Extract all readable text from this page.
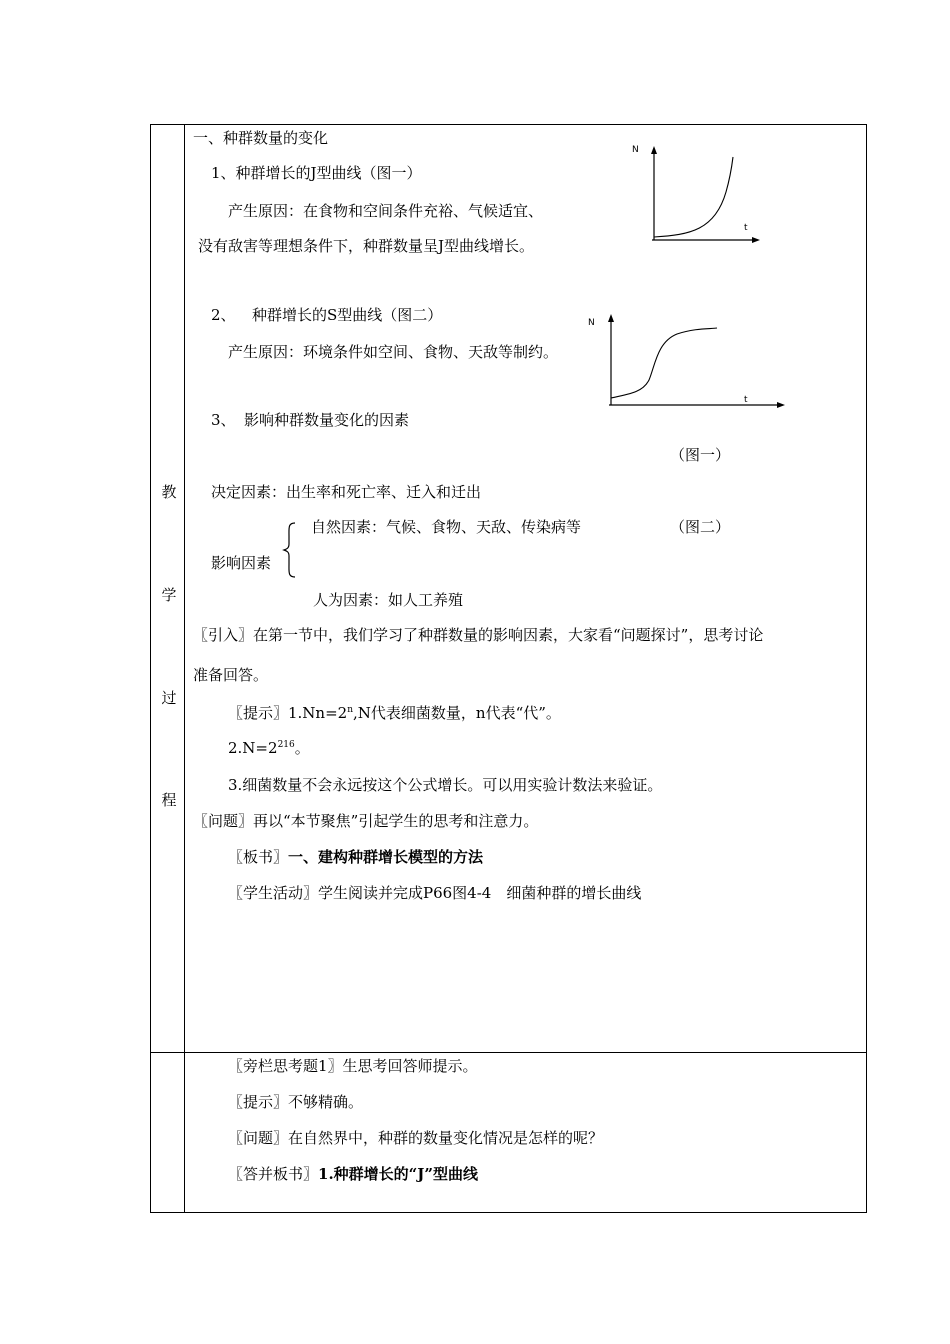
教
学
过
程
一、种群数量的变化
1、种群增长的J型曲线（图一）
产生原因：在食物和空间条件充裕、气候适宜、
没有敌害等理想条件下，种群数量呈J型曲线增长。
2、 种群增长的S型曲线（图二）
产生原因：环境条件如空间、食物、天敌等制约。
3、 影响种群数量变化的因素
（图一）
决定因素：出生率和死亡率、迁入和迁出
自然因素：气候、食物、天敌、传染病等	（图二）
影响因素
人为因素：如人工养殖
〖引入〗在第一节中，我们学习了种群数量的影响因素，大家看“问题探讨”，思考讨论
准备回答。
〖提示〗$1.Nn=2^n,N$代表细菌数量，n代表“代”。
$2.N=2^{216}$。
3.细菌数量不会永远按这个公式增长。可以用实验计数法来验证。
〖问题〗再以“本节聚焦”引起学生的思考和注意力。
〖板书〗一、建构种群增长模型的方法
〖学生活动〗学生阅读并完成P66图4-4　细菌种群的增长曲线
N
t
N
t
〖旁栏思考题1〗生思考回答师提示。
〖提示〗不够精确。
〖问题〗在自然界中，种群的数量变化情况是怎样的呢？
〖答并板书〗1.种群增长的“J”型曲线
